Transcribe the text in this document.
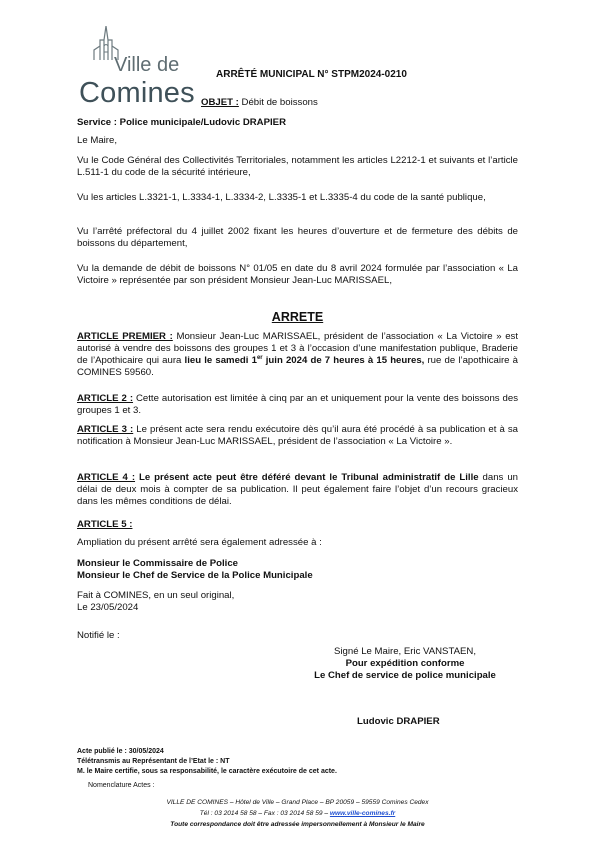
Ville de
Comines
ARRÊTÉ MUNICIPAL N° STPM2024-0210
OBJET : Débit de boissons
Service : Police municipale/Ludovic DRAPIER
Le Maire,
Vu le Code Général des Collectivités Territoriales, notamment les articles L2212-1 et suivants et l’article L.511-1 du code de la sécurité intérieure,
Vu les articles L.3321-1, L.3334-1, L.3334-2, L.3335-1 et L.3335-4 du code de la santé publique,
Vu l’arrêté préfectoral du 4 juillet 2002 fixant les heures d’ouverture et de fermeture des débits de boissons du département,
Vu la demande de débit de boissons N° 01/05 en date du 8 avril 2024 formulée par l’association « La Victoire » représentée par son président Monsieur Jean-Luc MARISSAEL,
ARRETE
ARTICLE PREMIER : Monsieur Jean-Luc MARISSAEL, président de l’association « La Victoire » est autorisé à vendre des boissons des groupes 1 et 3 à l’occasion d’une manifestation publique, Braderie de l’Apothicaire qui aura lieu le samedi 1er juin 2024 de 7 heures à 15 heures, rue de l’apothicaire à COMINES 59560.
ARTICLE 2 : Cette autorisation est limitée à cinq par an et uniquement pour la vente des boissons des groupes 1 et 3.
ARTICLE 3 : Le présent acte sera rendu exécutoire dès qu’il aura été procédé à sa publication et à sa notification à Monsieur Jean-Luc MARISSAEL, président de l’association « La Victoire ».
ARTICLE 4 : Le présent acte peut être déféré devant le Tribunal administratif de Lille dans un délai de deux mois à compter de sa publication. Il peut également faire l’objet d’un recours gracieux dans les mêmes conditions de délai.
ARTICLE 5 :
Ampliation du présent arrêté sera également adressée à :
Monsieur le Commissaire de Police
Monsieur le Chef de Service de la Police Municipale
Fait à COMINES, en un seul original,
Le 23/05/2024
Notifié le :
Signé Le Maire, Eric VANSTAEN,
Pour expédition conforme
Le Chef de service de police municipale
Ludovic DRAPIER
Acte publié le : 30/05/2024
Télétransmis au Représentant de l’Etat le : NT
M. le Maire certifie, sous sa responsabilité, le caractère exécutoire de cet acte.
Nomenclature Actes :
VILLE DE COMINES – Hôtel de Ville – Grand Place – BP 20059 – 59559 Comines Cedex
Tél : 03 2014 58 58 – Fax : 03 2014 58 59 – www.ville-comines.fr
Toute correspondance doit être adressée impersonnellement à Monsieur le Maire
